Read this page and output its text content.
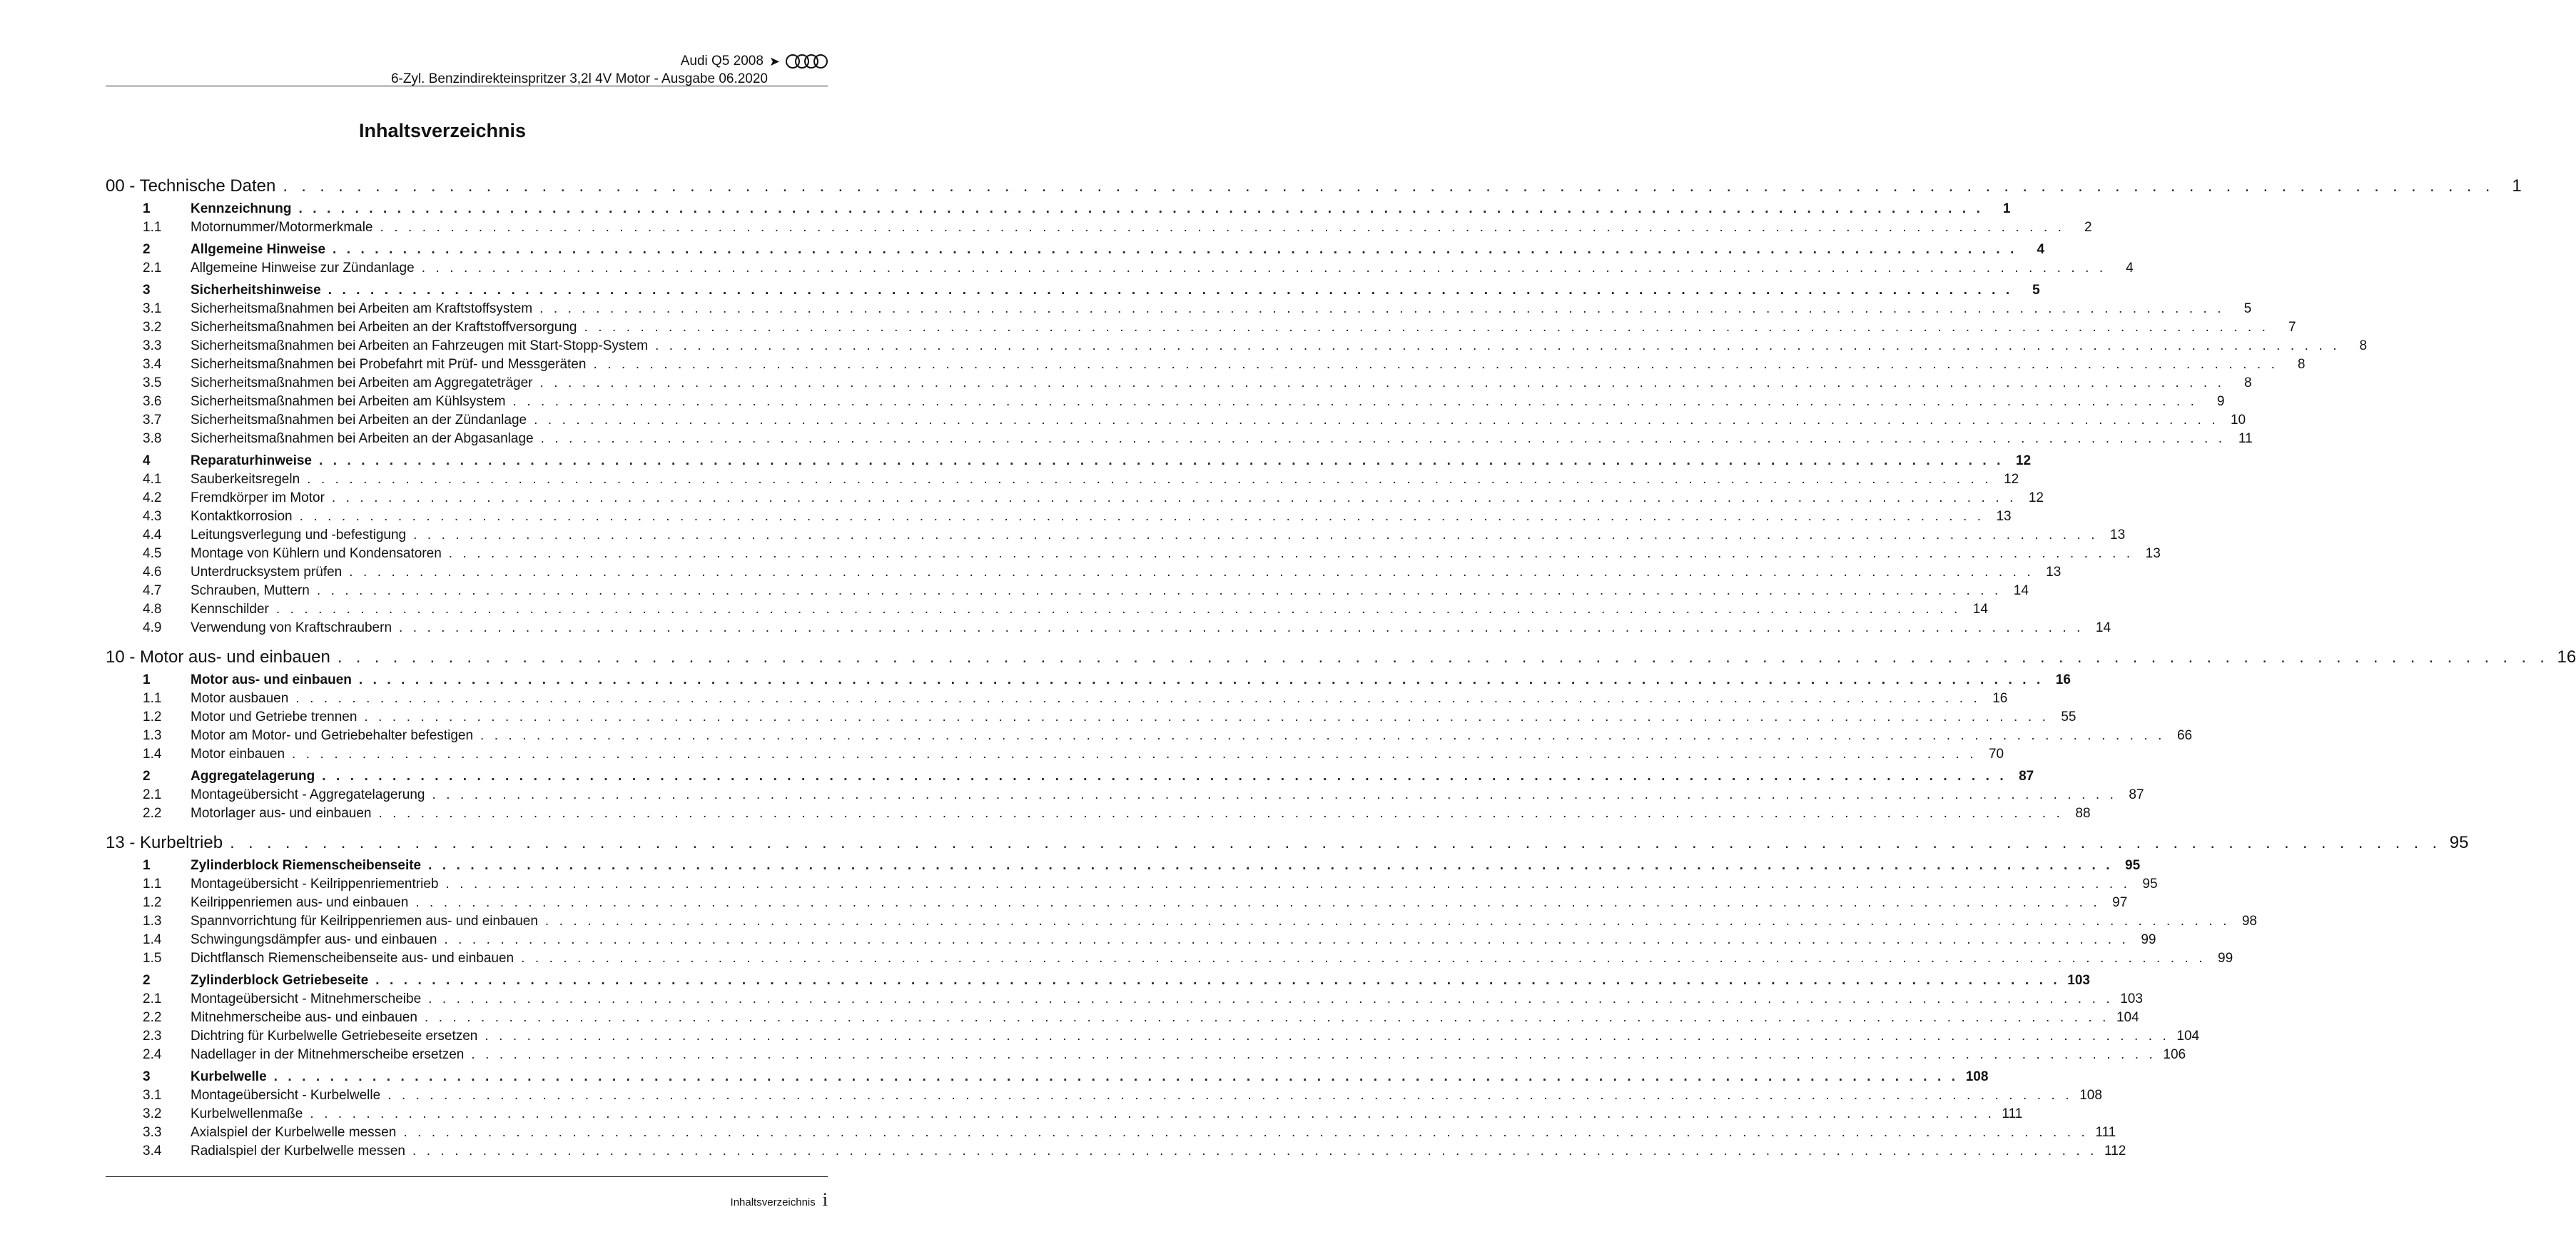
Audi Q5 2008 ➤
6-Zyl. Benzindirekteinspritzer 3,2l 4V Motor - Ausgabe 06.2020
Inhaltsverzeichnis
00 - Technische Daten . . . . . . . . . . . . . . . . . . . . . . . . . . . . . . . . . . . . . . . . . . . . . . . . . . . . . . . . . . . . . . . . . . . . . . . . . . . . . . . . . . . . . . . . . . . . . . . . . . . . . . . . . . . . . . . . . . . . . . . .	1
1	Kennzeichnung . . . . . . . . . . . . . . . . . . . . . . . . . . . . . . . . . . . . . . . . . . . . . . . . . . . . . . . . . . . . . . . . . . . . . . . . . . . . . . . . . . . . . . . . . . . . . . . . . . . . . . . . . . . . . . . . . . . . . . . .	1
1.1	Motornummer/Motormerkmale . . . . . . . . . . . . . . . . . . . . . . . . . . . . . . . . . . . . . . . . . . . . . . . . . . . . . . . . . . . . . . . . . . . . . . . . . . . . . . . . . . . . . . . . . . . . . . . . . . . . . . . . . . . . . . . . . . . . . . . .	2
2	Allgemeine Hinweise . . . . . . . . . . . . . . . . . . . . . . . . . . . . . . . . . . . . . . . . . . . . . . . . . . . . . . . . . . . . . . . . . . . . . . . . . . . . . . . . . . . . . . . . . . . . . . . . . . . . . . . . . . . . . . . . . . . . . . . .	4
2.1	Allgemeine Hinweise zur Zündanlage . . . . . . . . . . . . . . . . . . . . . . . . . . . . . . . . . . . . . . . . . . . . . . . . . . . . . . . . . . . . . . . . . . . . . . . . . . . . . . . . . . . . . . . . . . . . . . . . . . . . . . . . . . . . . . . . . . . . . . . .	4
3	Sicherheitshinweise . . . . . . . . . . . . . . . . . . . . . . . . . . . . . . . . . . . . . . . . . . . . . . . . . . . . . . . . . . . . . . . . . . . . . . . . . . . . . . . . . . . . . . . . . . . . . . . . . . . . . . . . . . . . . . . . . . . . . . . .	5
3.1	Sicherheitsmaßnahmen bei Arbeiten am Kraftstoffsystem . . . . . . . . . . . . . . . . . . . . . . . . . . . . . . . . . . . . . . . . . . . . . . . . . . . . . . . . . . . . . . . . . . . . . . . . . . . . . . . . . . . . . . . . . . . . . . . . . . . . . . . . . . . . . . . . . . . . . . . .	5
3.2	Sicherheitsmaßnahmen bei Arbeiten an der Kraftstoffversorgung . . . . . . . . . . . . . . . . . . . . . . . . . . . . . . . . . . . . . . . . . . . . . . . . . . . . . . . . . . . . . . . . . . . . . . . . . . . . . . . . . . . . . . . . . . . . . . . . . . . . . . . . . . . . . . . . . . . . . . . .	7
3.3	Sicherheitsmaßnahmen bei Arbeiten an Fahrzeugen mit Start-Stopp-System . . . . . . . . . . . . . . . . . . . . . . . . . . . . . . . . . . . . . . . . . . . . . . . . . . . . . . . . . . . . . . . . . . . . . . . . . . . . . . . . . . . . . . . . . . . . . . . . . . . . . . . . . . . . . . . . . . . . . . . .	8
3.4	Sicherheitsmaßnahmen bei Probefahrt mit Prüf- und Messgeräten . . . . . . . . . . . . . . . . . . . . . . . . . . . . . . . . . . . . . . . . . . . . . . . . . . . . . . . . . . . . . . . . . . . . . . . . . . . . . . . . . . . . . . . . . . . . . . . . . . . . . . . . . . . . . . . . . . . . . . . .	8
3.5	Sicherheitsmaßnahmen bei Arbeiten am Aggregateträger . . . . . . . . . . . . . . . . . . . . . . . . . . . . . . . . . . . . . . . . . . . . . . . . . . . . . . . . . . . . . . . . . . . . . . . . . . . . . . . . . . . . . . . . . . . . . . . . . . . . . . . . . . . . . . . . . . . . . . . .	8
3.6	Sicherheitsmaßnahmen bei Arbeiten am Kühlsystem . . . . . . . . . . . . . . . . . . . . . . . . . . . . . . . . . . . . . . . . . . . . . . . . . . . . . . . . . . . . . . . . . . . . . . . . . . . . . . . . . . . . . . . . . . . . . . . . . . . . . . . . . . . . . . . . . . . . . . . .	9
3.7	Sicherheitsmaßnahmen bei Arbeiten an der Zündanlage . . . . . . . . . . . . . . . . . . . . . . . . . . . . . . . . . . . . . . . . . . . . . . . . . . . . . . . . . . . . . . . . . . . . . . . . . . . . . . . . . . . . . . . . . . . . . . . . . . . . . . . . . . . . . . . . . . . . . . . . 10
3.8	Sicherheitsmaßnahmen bei Arbeiten an der Abgasanlage . . . . . . . . . . . . . . . . . . . . . . . . . . . . . . . . . . . . . . . . . . . . . . . . . . . . . . . . . . . . . . . . . . . . . . . . . . . . . . . . . . . . . . . . . . . . . . . . . . . . . . . . . . . . . . . . . . . . . . . . 11
4	Reparaturhinweise . . . . . . . . . . . . . . . . . . . . . . . . . . . . . . . . . . . . . . . . . . . . . . . . . . . . . . . . . . . . . . . . . . . . . . . . . . . . . . . . . . . . . . . . . . . . . . . . . . . . . . . . . . . . . . . . . . . . . . . . 12
4.1	Sauberkeitsregeln . . . . . . . . . . . . . . . . . . . . . . . . . . . . . . . . . . . . . . . . . . . . . . . . . . . . . . . . . . . . . . . . . . . . . . . . . . . . . . . . . . . . . . . . . . . . . . . . . . . . . . . . . . . . . . . . . . . . . . . . 12
4.2	Fremdkörper im Motor . . . . . . . . . . . . . . . . . . . . . . . . . . . . . . . . . . . . . . . . . . . . . . . . . . . . . . . . . . . . . . . . . . . . . . . . . . . . . . . . . . . . . . . . . . . . . . . . . . . . . . . . . . . . . . . . . . . . . . . . 12
4.3	Kontaktkorrosion . . . . . . . . . . . . . . . . . . . . . . . . . . . . . . . . . . . . . . . . . . . . . . . . . . . . . . . . . . . . . . . . . . . . . . . . . . . . . . . . . . . . . . . . . . . . . . . . . . . . . . . . . . . . . . . . . . . . . . . . 13
4.4	Leitungsverlegung und -befestigung . . . . . . . . . . . . . . . . . . . . . . . . . . . . . . . . . . . . . . . . . . . . . . . . . . . . . . . . . . . . . . . . . . . . . . . . . . . . . . . . . . . . . . . . . . . . . . . . . . . . . . . . . . . . . . . . . . . . . . . . 13
4.5	Montage von Kühlern und Kondensatoren . . . . . . . . . . . . . . . . . . . . . . . . . . . . . . . . . . . . . . . . . . . . . . . . . . . . . . . . . . . . . . . . . . . . . . . . . . . . . . . . . . . . . . . . . . . . . . . . . . . . . . . . . . . . . . . . . . . . . . . . 13
4.6	Unterdrucksystem prüfen . . . . . . . . . . . . . . . . . . . . . . . . . . . . . . . . . . . . . . . . . . . . . . . . . . . . . . . . . . . . . . . . . . . . . . . . . . . . . . . . . . . . . . . . . . . . . . . . . . . . . . . . . . . . . . . . . . . . . . . . 13
4.7	Schrauben, Muttern . . . . . . . . . . . . . . . . . . . . . . . . . . . . . . . . . . . . . . . . . . . . . . . . . . . . . . . . . . . . . . . . . . . . . . . . . . . . . . . . . . . . . . . . . . . . . . . . . . . . . . . . . . . . . . . . . . . . . . . . 14
4.8	Kennschilder . . . . . . . . . . . . . . . . . . . . . . . . . . . . . . . . . . . . . . . . . . . . . . . . . . . . . . . . . . . . . . . . . . . . . . . . . . . . . . . . . . . . . . . . . . . . . . . . . . . . . . . . . . . . . . . . . . . . . . . . 14
4.9	Verwendung von Kraftschraubern . . . . . . . . . . . . . . . . . . . . . . . . . . . . . . . . . . . . . . . . . . . . . . . . . . . . . . . . . . . . . . . . . . . . . . . . . . . . . . . . . . . . . . . . . . . . . . . . . . . . . . . . . . . . . . . . . . . . . . . . 14
10 - Motor aus- und einbauen . . . . . . . . . . . . . . . . . . . . . . . . . . . . . . . . . . . . . . . . . . . . . . . . . . . . . . . . . . . . . . . . . . . . . . . . . . . . . . . . . . . . . . . . . . . . . . . . . . . . . . . . . . . . . . . . . . . . . . . . 16
1	Motor aus- und einbauen . . . . . . . . . . . . . . . . . . . . . . . . . . . . . . . . . . . . . . . . . . . . . . . . . . . . . . . . . . . . . . . . . . . . . . . . . . . . . . . . . . . . . . . . . . . . . . . . . . . . . . . . . . . . . . . . . . . . . . . . 16
1.1	Motor ausbauen . . . . . . . . . . . . . . . . . . . . . . . . . . . . . . . . . . . . . . . . . . . . . . . . . . . . . . . . . . . . . . . . . . . . . . . . . . . . . . . . . . . . . . . . . . . . . . . . . . . . . . . . . . . . . . . . . . . . . . . . 16
1.2	Motor und Getriebe trennen . . . . . . . . . . . . . . . . . . . . . . . . . . . . . . . . . . . . . . . . . . . . . . . . . . . . . . . . . . . . . . . . . . . . . . . . . . . . . . . . . . . . . . . . . . . . . . . . . . . . . . . . . . . . . . . . . . . . . . . . 55
1.3	Motor am Motor- und Getriebehalter befestigen . . . . . . . . . . . . . . . . . . . . . . . . . . . . . . . . . . . . . . . . . . . . . . . . . . . . . . . . . . . . . . . . . . . . . . . . . . . . . . . . . . . . . . . . . . . . . . . . . . . . . . . . . . . . . . . . . . . . . . . . 66
1.4	Motor einbauen . . . . . . . . . . . . . . . . . . . . . . . . . . . . . . . . . . . . . . . . . . . . . . . . . . . . . . . . . . . . . . . . . . . . . . . . . . . . . . . . . . . . . . . . . . . . . . . . . . . . . . . . . . . . . . . . . . . . . . . . 70
2	Aggregatelagerung . . . . . . . . . . . . . . . . . . . . . . . . . . . . . . . . . . . . . . . . . . . . . . . . . . . . . . . . . . . . . . . . . . . . . . . . . . . . . . . . . . . . . . . . . . . . . . . . . . . . . . . . . . . . . . . . . . . . . . . . 87
2.1	Montageübersicht - Aggregatelagerung . . . . . . . . . . . . . . . . . . . . . . . . . . . . . . . . . . . . . . . . . . . . . . . . . . . . . . . . . . . . . . . . . . . . . . . . . . . . . . . . . . . . . . . . . . . . . . . . . . . . . . . . . . . . . . . . . . . . . . . . 87
2.2	Motorlager aus- und einbauen . . . . . . . . . . . . . . . . . . . . . . . . . . . . . . . . . . . . . . . . . . . . . . . . . . . . . . . . . . . . . . . . . . . . . . . . . . . . . . . . . . . . . . . . . . . . . . . . . . . . . . . . . . . . . . . . . . . . . . . . 88
13 - Kurbeltrieb . . . . . . . . . . . . . . . . . . . . . . . . . . . . . . . . . . . . . . . . . . . . . . . . . . . . . . . . . . . . . . . . . . . . . . . . . . . . . . . . . . . . . . . . . . . . . . . . . . . . . . . . . . . . . . . . . . . . . . . . 95
1	Zylinderblock Riemenscheibenseite . . . . . . . . . . . . . . . . . . . . . . . . . . . . . . . . . . . . . . . . . . . . . . . . . . . . . . . . . . . . . . . . . . . . . . . . . . . . . . . . . . . . . . . . . . . . . . . . . . . . . . . . . . . . . . . . . . . . . . . . 95
1.1	Montageübersicht - Keilrippenriementrieb . . . . . . . . . . . . . . . . . . . . . . . . . . . . . . . . . . . . . . . . . . . . . . . . . . . . . . . . . . . . . . . . . . . . . . . . . . . . . . . . . . . . . . . . . . . . . . . . . . . . . . . . . . . . . . . . . . . . . . . . 95
1.2	Keilrippenriemen aus- und einbauen . . . . . . . . . . . . . . . . . . . . . . . . . . . . . . . . . . . . . . . . . . . . . . . . . . . . . . . . . . . . . . . . . . . . . . . . . . . . . . . . . . . . . . . . . . . . . . . . . . . . . . . . . . . . . . . . . . . . . . . . 97
1.3	Spannvorrichtung für Keilrippenriemen aus- und einbauen . . . . . . . . . . . . . . . . . . . . . . . . . . . . . . . . . . . . . . . . . . . . . . . . . . . . . . . . . . . . . . . . . . . . . . . . . . . . . . . . . . . . . . . . . . . . . . . . . . . . . . . . . . . . . . . . . . . . . . . . 98
1.4	Schwingungsdämpfer aus- und einbauen . . . . . . . . . . . . . . . . . . . . . . . . . . . . . . . . . . . . . . . . . . . . . . . . . . . . . . . . . . . . . . . . . . . . . . . . . . . . . . . . . . . . . . . . . . . . . . . . . . . . . . . . . . . . . . . . . . . . . . . . 99
1.5	Dichtflansch Riemenscheibenseite aus- und einbauen . . . . . . . . . . . . . . . . . . . . . . . . . . . . . . . . . . . . . . . . . . . . . . . . . . . . . . . . . . . . . . . . . . . . . . . . . . . . . . . . . . . . . . . . . . . . . . . . . . . . . . . . . . . . . . . . . . . . . . . . 99
2	Zylinderblock Getriebeseite . . . . . . . . . . . . . . . . . . . . . . . . . . . . . . . . . . . . . . . . . . . . . . . . . . . . . . . . . . . . . . . . . . . . . . . . . . . . . . . . . . . . . . . . . . . . . . . . . . . . . . . . . . . . . . . . . . . . . . . . 103
2.1	Montageübersicht - Mitnehmerscheibe . . . . . . . . . . . . . . . . . . . . . . . . . . . . . . . . . . . . . . . . . . . . . . . . . . . . . . . . . . . . . . . . . . . . . . . . . . . . . . . . . . . . . . . . . . . . . . . . . . . . . . . . . . . . . . . . . . . . . . . . 103
2.2	Mitnehmerscheibe aus- und einbauen . . . . . . . . . . . . . . . . . . . . . . . . . . . . . . . . . . . . . . . . . . . . . . . . . . . . . . . . . . . . . . . . . . . . . . . . . . . . . . . . . . . . . . . . . . . . . . . . . . . . . . . . . . . . . . . . . . . . . . . . 104
2.3	Dichtring für Kurbelwelle Getriebeseite ersetzen . . . . . . . . . . . . . . . . . . . . . . . . . . . . . . . . . . . . . . . . . . . . . . . . . . . . . . . . . . . . . . . . . . . . . . . . . . . . . . . . . . . . . . . . . . . . . . . . . . . . . . . . . . . . . . . . . . . . . . . . 104
2.4	Nadellager in der Mitnehmerscheibe ersetzen . . . . . . . . . . . . . . . . . . . . . . . . . . . . . . . . . . . . . . . . . . . . . . . . . . . . . . . . . . . . . . . . . . . . . . . . . . . . . . . . . . . . . . . . . . . . . . . . . . . . . . . . . . . . . . . . . . . . . . . . 106
3	Kurbelwelle . . . . . . . . . . . . . . . . . . . . . . . . . . . . . . . . . . . . . . . . . . . . . . . . . . . . . . . . . . . . . . . . . . . . . . . . . . . . . . . . . . . . . . . . . . . . . . . . . . . . . . . . . . . . . . . . . . . . . . . . 108
3.1	Montageübersicht - Kurbelwelle . . . . . . . . . . . . . . . . . . . . . . . . . . . . . . . . . . . . . . . . . . . . . . . . . . . . . . . . . . . . . . . . . . . . . . . . . . . . . . . . . . . . . . . . . . . . . . . . . . . . . . . . . . . . . . . . . . . . . . . . 108
3.2	Kurbelwellenmaße . . . . . . . . . . . . . . . . . . . . . . . . . . . . . . . . . . . . . . . . . . . . . . . . . . . . . . . . . . . . . . . . . . . . . . . . . . . . . . . . . . . . . . . . . . . . . . . . . . . . . . . . . . . . . . . . . . . . . . . . 111
3.3	Axialspiel der Kurbelwelle messen . . . . . . . . . . . . . . . . . . . . . . . . . . . . . . . . . . . . . . . . . . . . . . . . . . . . . . . . . . . . . . . . . . . . . . . . . . . . . . . . . . . . . . . . . . . . . . . . . . . . . . . . . . . . . . . . . . . . . . . . 111
3.4	Radialspiel der Kurbelwelle messen . . . . . . . . . . . . . . . . . . . . . . . . . . . . . . . . . . . . . . . . . . . . . . . . . . . . . . . . . . . . . . . . . . . . . . . . . . . . . . . . . . . . . . . . . . . . . . . . . . . . . . . . . . . . . . . . . . . . . . . . 112
Inhaltsverzeichnis i
